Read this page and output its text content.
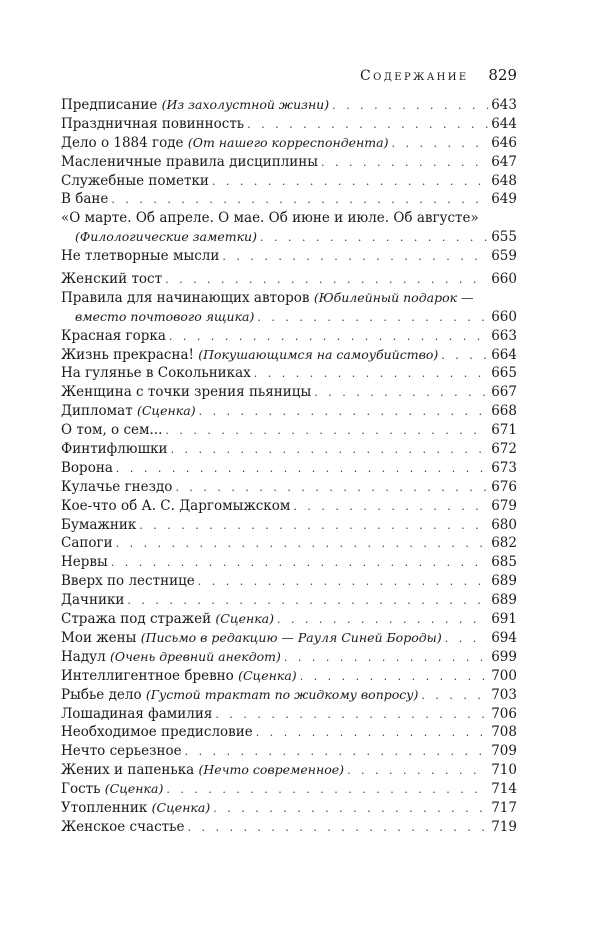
Содержание 829
Предписание (Из захолустной жизни) . . .	643
Праздничная повинность . . .	644
Дело о 1884 годе (От нашего корреспондента) . . .	646
Масленичные правила дисциплины . . .	647
Служебные пометки . . .	648
В бане . . .	649
«О марте. Об апреле. О мае. Об июне и июле. Об августе»
(Филологические заметки) . . .	655
Не тлетворные мысли . . .	659
Женский тост . . .	660
Правила для начинающих авторов (Юбилейный подарок —
вместо почтового ящика) . . .	660
Красная горка . . .	663
Жизнь прекрасна! (Покушающимся на самоубийство) . . .	664
На гулянье в Сокольниках . . .	665
Женщина с точки зрения пьяницы . . .	667
Дипломат (Сценка) . . .	668
О том, о сем... . . .	671
Финтифлюшки . . .	672
Ворона . . .	673
Кулачье гнездо . . .	676
Кое-что об А. С. Даргомыжском . . .	679
Бумажник . . .	680
Сапоги . . .	682
Нервы . . .	685
Вверх по лестнице . . .	689
Дачники . . .	689
Стража под стражей (Сценка) . . .	691
Мои жены (Письмо в редакцию — Рауля Синей Бороды) . . .	694
Надул (Очень древний анекдот) . . .	699
Интеллигентное бревно (Сценка) . . .	700
Рыбье дело (Густой трактат по жидкому вопросу) . . .	703
Лошадиная фамилия . . .	706
Необходимое предисловие . . .	708
Нечто серьезное . . .	709
Жених и папенька (Нечто современное) . . .	710
Гость (Сценка) . . .	714
Утопленник (Сценка) . . .	717
Женское счастье . . .	719
